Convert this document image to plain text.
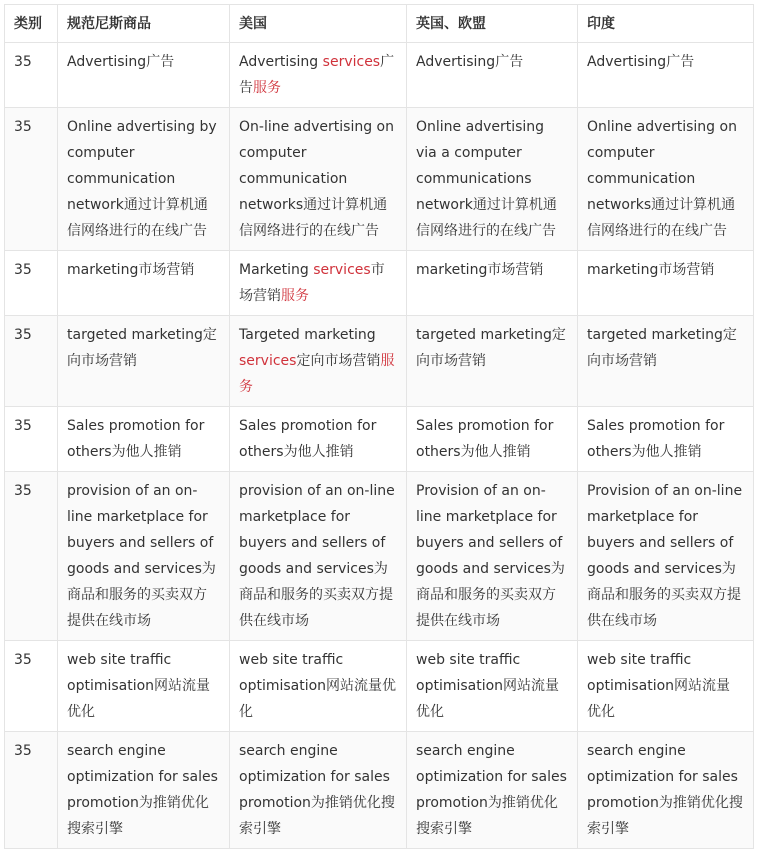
类别	规范尼斯商品	美国	英国、欧盟	印度
35	Advertising广告	Advertising services广告服务	Advertising广告	Advertising广告
35	Online advertising by computer communication network通过计算机通信网络进行的在线广告	On-line advertising on computer communication networks通过计算机通信网络进行的在线广告	Online advertising via a computer communications network通过计算机通信网络进行的在线广告	Online advertising on computer communication networks通过计算机通信网络进行的在线广告
35	marketing市场营销	Marketing services市场营销服务	marketing市场营销	marketing市场营销
35	targeted marketing定向市场营销	Targeted marketing services定向市场营销服务	targeted marketing定向市场营销	targeted marketing定向市场营销
35	Sales promotion for others为他人推销	Sales promotion for others为他人推销	Sales promotion for others为他人推销	Sales promotion for others为他人推销
35	provision of an on-line marketplace for buyers and sellers of goods and services为商品和服务的买卖双方提供在线市场	provision of an on-line marketplace for buyers and sellers of goods and services为商品和服务的买卖双方提供在线市场	Provision of an on-line marketplace for buyers and sellers of goods and services为商品和服务的买卖双方提供在线市场	Provision of an on-line marketplace for buyers and sellers of goods and services为商品和服务的买卖双方提供在线市场
35	web site traffic optimisation网站流量优化	web site traffic optimisation网站流量优化	web site traffic optimisation网站流量优化	web site traffic optimisation网站流量优化
35	search engine optimization for sales promotion为推销优化搜索引擎	search engine optimization for sales promotion为推销优化搜索引擎	search engine optimization for sales promotion为推销优化搜索引擎	search engine optimization for sales promotion为推销优化搜索引擎
